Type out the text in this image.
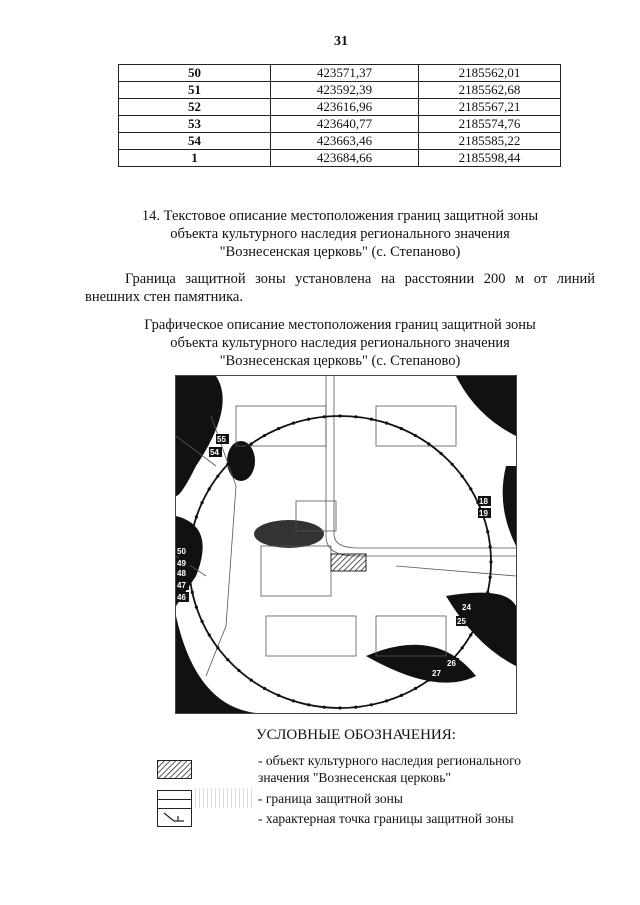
31
50	423571,37	2185562,01
51	423592,39	2185562,68
52	423616,96	2185567,21
53	423640,77	2185574,76
54	423663,46	2185585,22
1	423684,66	2185598,44
14. Текстовое описание местоположения границ защитной зоны
объекта культурного наследия регионального значения
"Вознесенская церковь" (с. Степаново)
Граница защитной зоны установлена на расстоянии 200 м от линий внешних стен памятника.
Графическое описание местоположения границ защитной зоны
объекта культурного наследия регионального значения
"Вознесенская церковь" (с. Степаново)
55
54
18
19
50
49
48
47
46
24
25
26
27
УСЛОВНЫЕ ОБОЗНАЧЕНИЯ:
- объект культурного наследия регионального
значения "Вознесенская церковь"
- граница защитной зоны
- характерная точка границы защитной зоны
